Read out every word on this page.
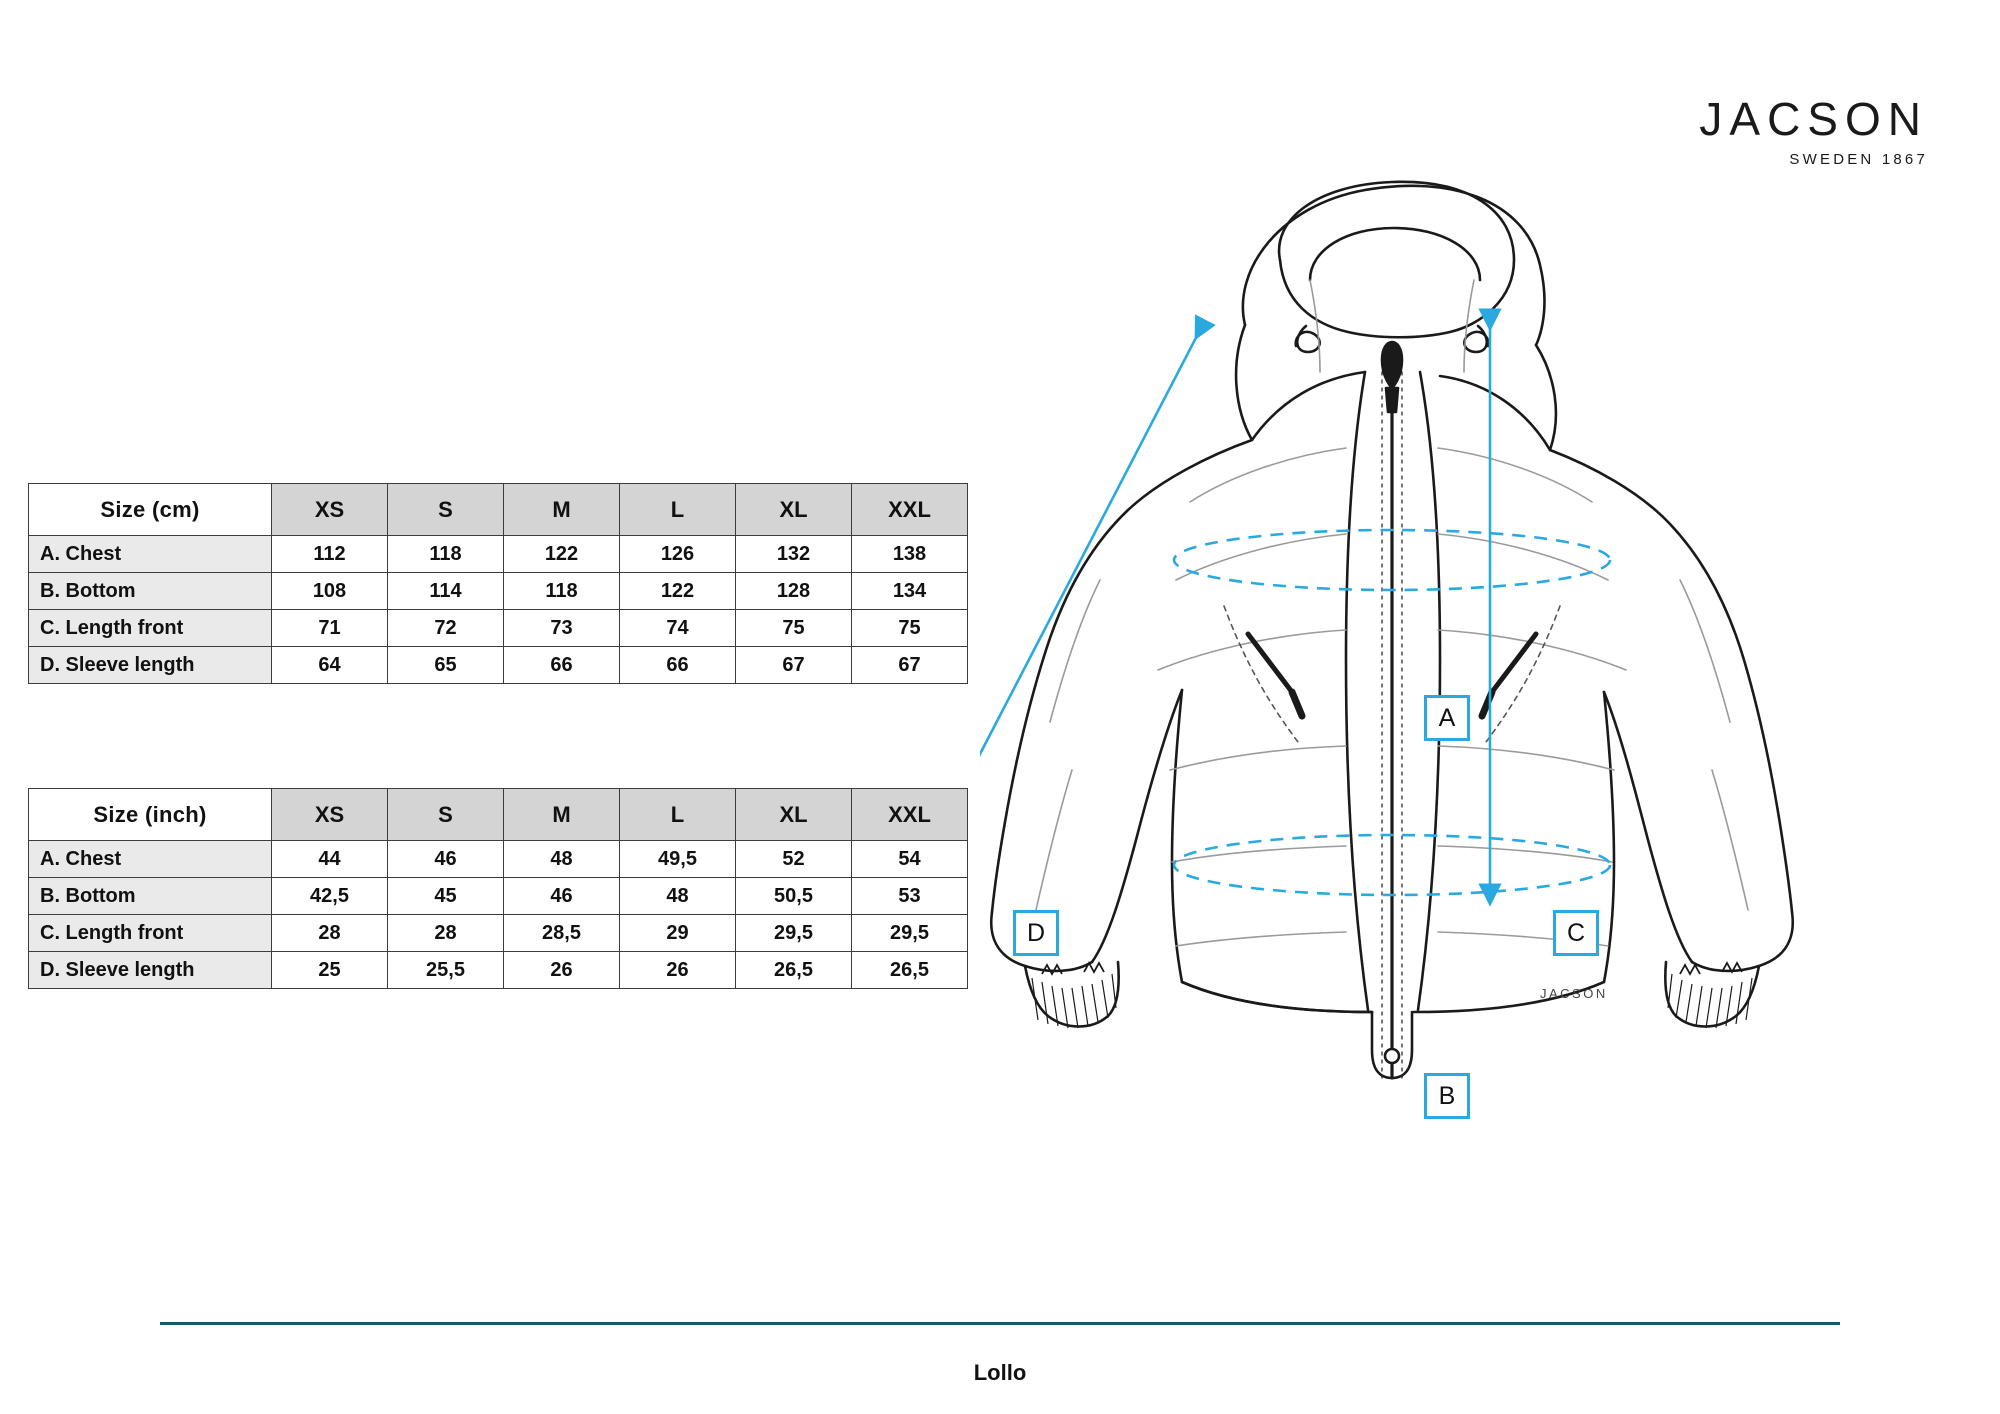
JACSON
SWEDEN 1867
Size (cm)	XS	S	M	L	XL	XXL
A. Chest	112	118	122	126	132	138
B. Bottom	108	114	118	122	128	134
C. Length front	71	72	73	74	75	75
D. Sleeve length	64	65	66	66	67	67
Size (inch)	XS	S	M	L	XL	XXL
A. Chest	44	46	48	49,5	52	54
B. Bottom	42,5	45	46	48	50,5	53
C. Length front	28	28	28,5	29	29,5	29,5
D. Sleeve length	25	25,5	26	26	26,5	26,5
JACSON
A
B
C
D
Lollo
